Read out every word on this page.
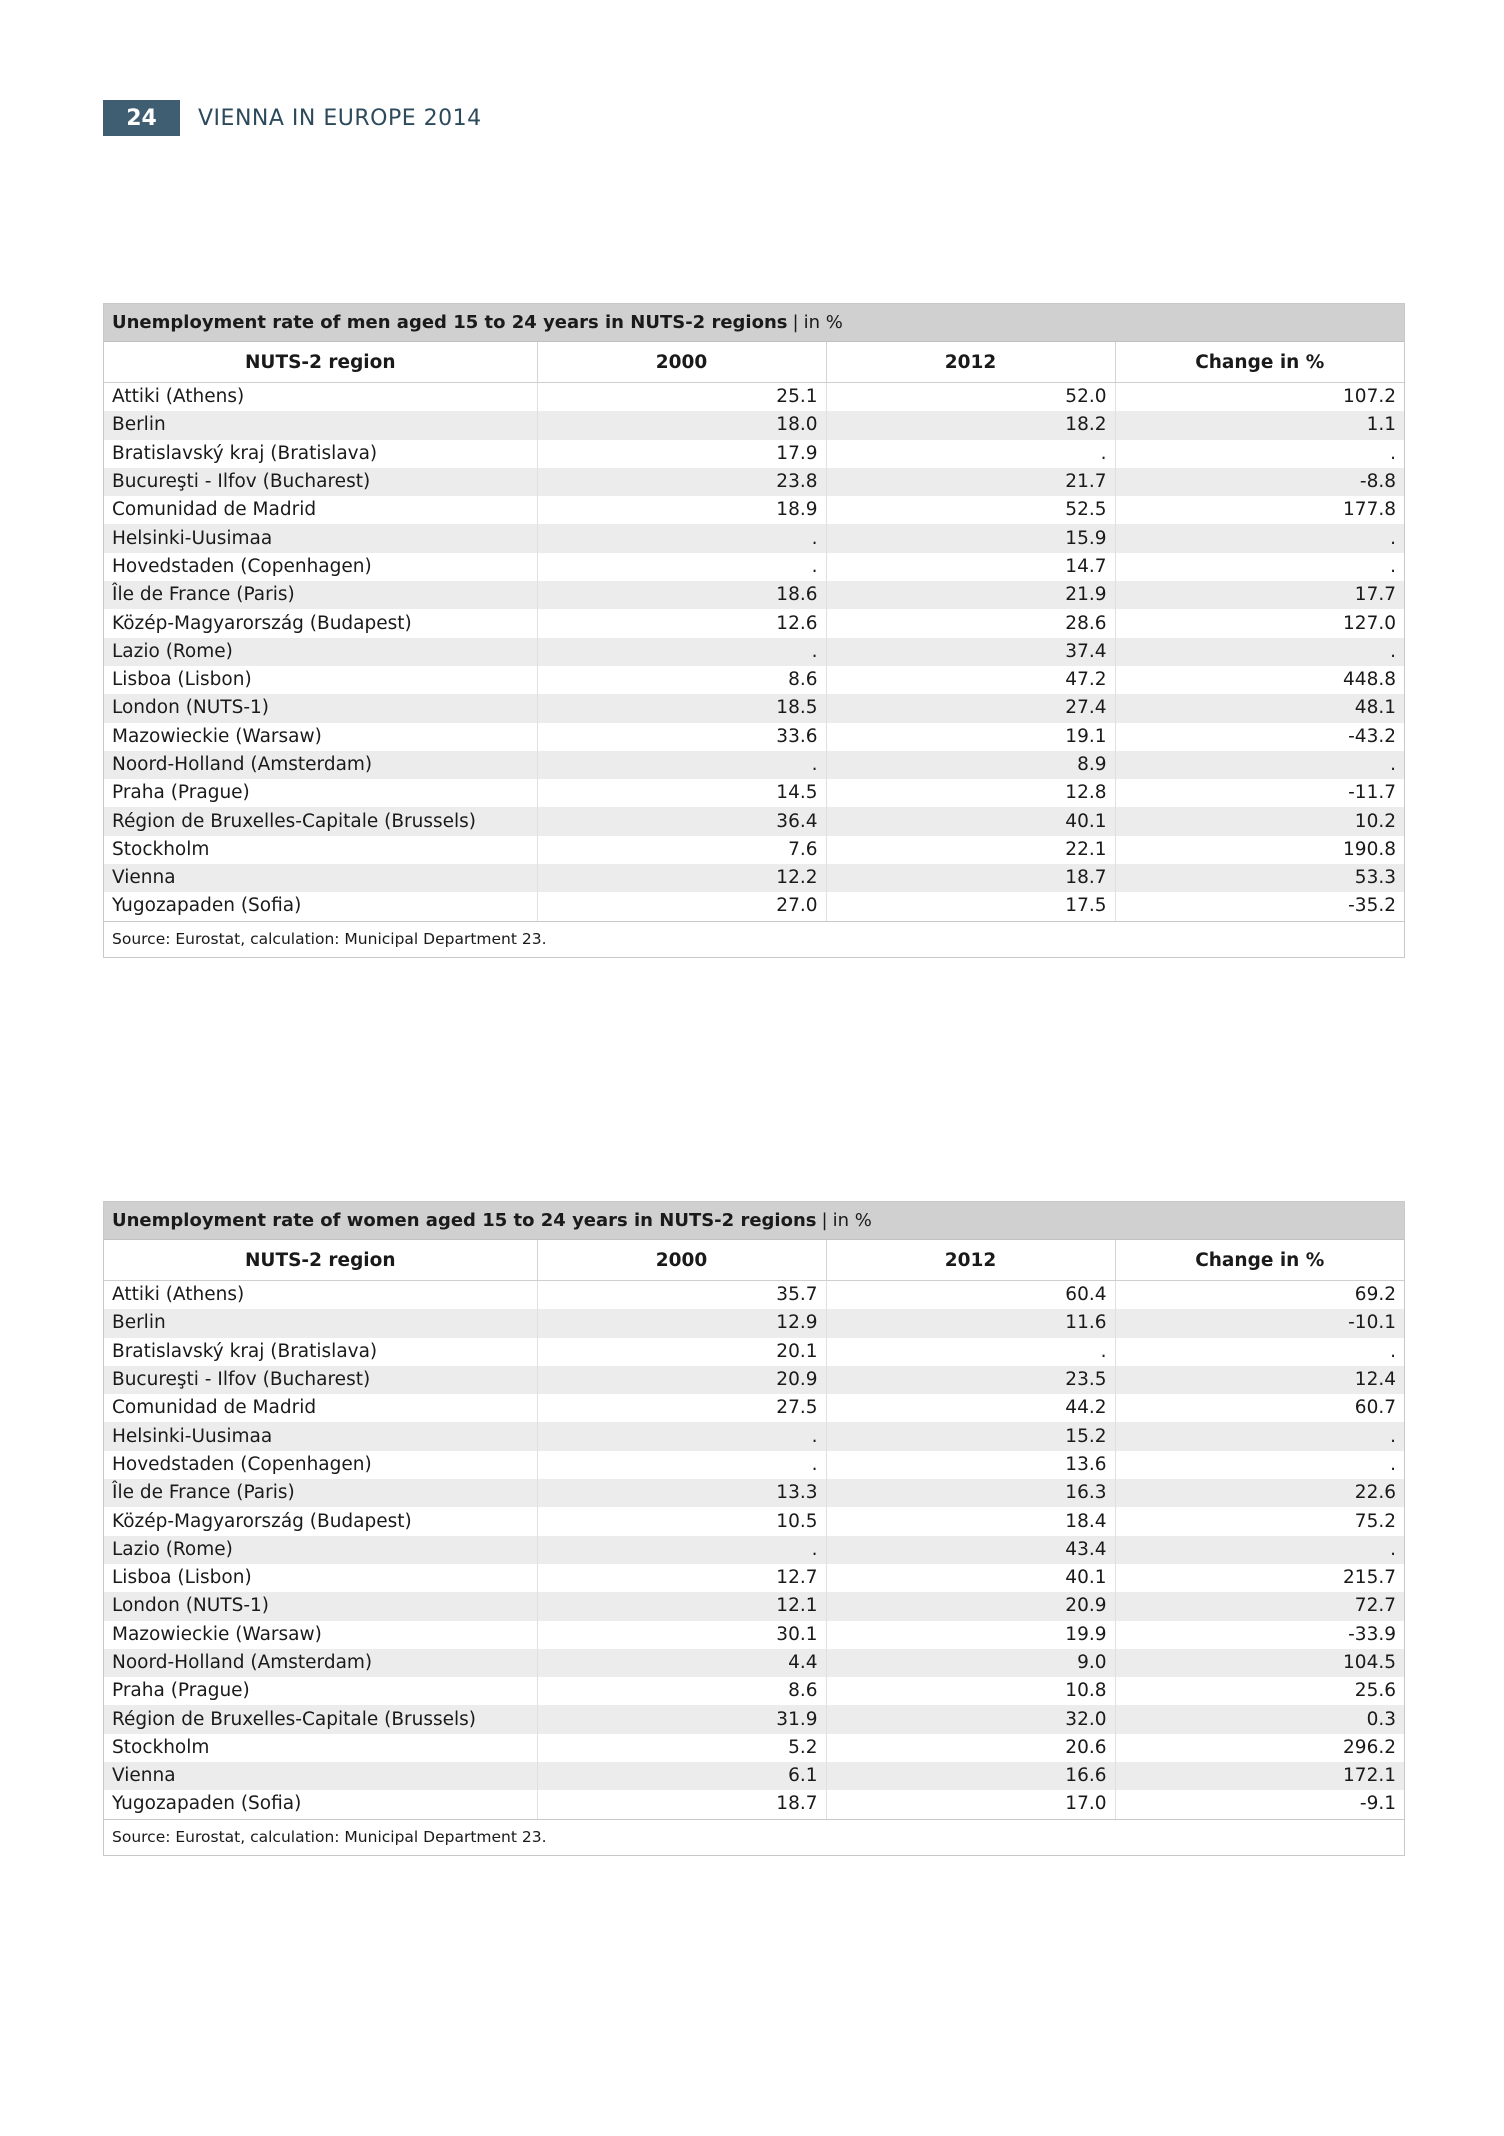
24	VIENNA IN EUROPE 2014
Unemployment rate of men aged 15 to 24 years in NUTS-2 regions | in %
NUTS-2 region	2000	2012	Change in %
Attiki (Athens)	25.1	52.0	107.2
Berlin	18.0	18.2	1.1
Bratislavský kraj (Bratislava)	17.9	.	.
Bucureşti - Ilfov (Bucharest)	23.8	21.7	-8.8
Comunidad de Madrid	18.9	52.5	177.8
Helsinki-Uusimaa	.	15.9	.
Hovedstaden (Copenhagen)	.	14.7	.
Île de France (Paris)	18.6	21.9	17.7
Közép-Magyarország (Budapest)	12.6	28.6	127.0
Lazio (Rome)	.	37.4	.
Lisboa (Lisbon)	8.6	47.2	448.8
London (NUTS-1)	18.5	27.4	48.1
Mazowieckie (Warsaw)	33.6	19.1	-43.2
Noord-Holland (Amsterdam)	.	8.9	.
Praha (Prague)	14.5	12.8	-11.7
Région de Bruxelles-Capitale (Brussels)	36.4	40.1	10.2
Stockholm	7.6	22.1	190.8
Vienna	12.2	18.7	53.3
Yugozapaden (Sofia)	27.0	17.5	-35.2
Source: Eurostat, calculation: Municipal Department 23.
Unemployment rate of women aged 15 to 24 years in NUTS-2 regions | in %
NUTS-2 region	2000	2012	Change in %
Attiki (Athens)	35.7	60.4	69.2
Berlin	12.9	11.6	-10.1
Bratislavský kraj (Bratislava)	20.1	.	.
Bucureşti - Ilfov (Bucharest)	20.9	23.5	12.4
Comunidad de Madrid	27.5	44.2	60.7
Helsinki-Uusimaa	.	15.2	.
Hovedstaden (Copenhagen)	.	13.6	.
Île de France (Paris)	13.3	16.3	22.6
Közép-Magyarország (Budapest)	10.5	18.4	75.2
Lazio (Rome)	.	43.4	.
Lisboa (Lisbon)	12.7	40.1	215.7
London (NUTS-1)	12.1	20.9	72.7
Mazowieckie (Warsaw)	30.1	19.9	-33.9
Noord-Holland (Amsterdam)	4.4	9.0	104.5
Praha (Prague)	8.6	10.8	25.6
Région de Bruxelles-Capitale (Brussels)	31.9	32.0	0.3
Stockholm	5.2	20.6	296.2
Vienna	6.1	16.6	172.1
Yugozapaden (Sofia)	18.7	17.0	-9.1
Source: Eurostat, calculation: Municipal Department 23.
